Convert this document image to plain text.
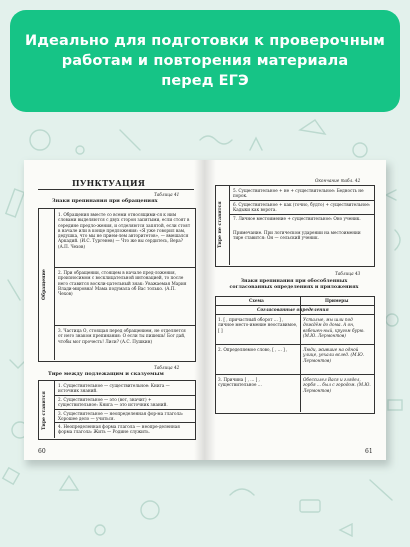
Идеально для подготовки к проверочным
работам и повторения материала
перед ЕГЭ
ПУНКТУАЦИЯ
Таблица 41
Знаки препинания при обращениях
Обращение
1. Обращения вместе со всеми относящими-ся к ним словами выделяются с двух сторон запятыми, если стоят в середине предло-жения, и отделяются запятой, если стоят в начале или в конце предложения: «Я уже говорил вам, дедушка, что мы не прием-лем авторитетов», — вмешался Аркадий. (И.С. Тургенев) — Что же вы сердитесь, Вера? (А.П. Чехов)
2. При обращении, стоящем в начале пред-ложения, произносимом с восклицательной интонацией, то после него ставится воскли-цательный знак: Уважаемая Мария Влади-мировна! Мама подумала об Вас только. (А.П. Чехов)
3. Частица О, стоящая перед обращением, не отделяется от него знаком препинания: О если ты пишешь! Бог дай, чтобы мог прочесть! Лиси? (А.С. Пушкин)
Таблица 42
Тире между подлежащим и сказуемым
Тире ставится
1. Существительное — существительное: Книга — источник знаний.
2. Существительное — это (вот, значит) + существительное: Книга — это источник знаний.
3. Существительное — неопределенная фор-ма глагола: Хорошее дело — учиться.
4. Неопределенная форма глагола — неопре-деленная форма глагола: Жить — Родине служить.
60
Окончание табл. 42
Тире не ставится
5. Существительное + не + существительное: Бедность не порок.
6. Существительное + как (точно, будто) + существительное: Кадыки как ворота.
7. Личное местоимение + существительное: Оно ученик.
Примечание. При логическом ударении на местоимении тире ставится: Он — сельский ученик.
Таблица 43
Знаки препинания при обособленных согласованных определениях и приложениях
Схема	Примеры
Согласованные определения
1. [ , причастный оборот ... ] , личное место-имение неоставимое, [ ]
Усталые, мы шли под дождём до дома. А он, взбешен-ный, кругом бурю. (М.Ю. Лермонтов)
2. Определяемое слово, [ , ... ] ,	Люди, жившие на одной улице, уехали вслед. (М.Ю. Лермонтов)
3. Причина [ , ... ] , существительное ...
Обессилел Вася и глядел, горбя ... был с городом. (М.Ю. Лермонтов)
61
